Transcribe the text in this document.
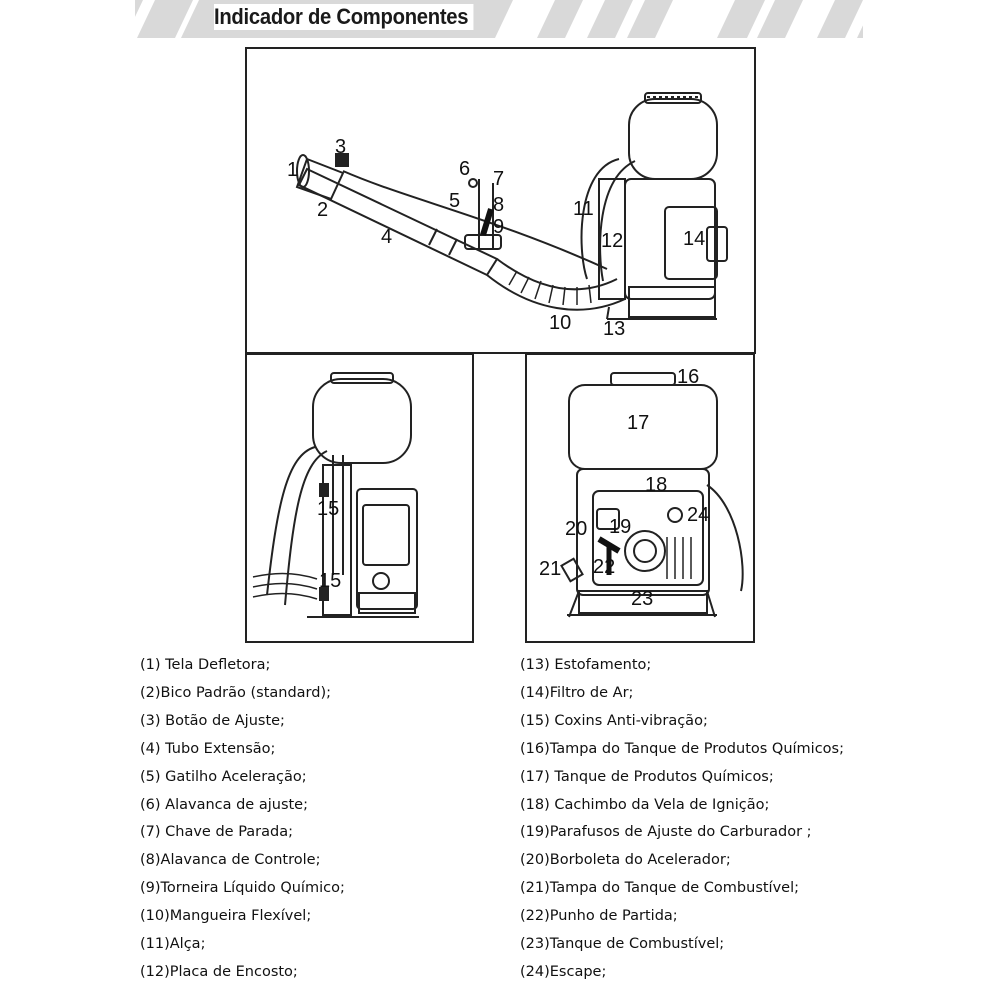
Indicador de Componentes
1
2
3
4
5
6 7
8
9
10
11
12
13
14
15
15
16
17
18
19
20
21 22
23
24
(1) Tela Defletora;
(2)Bico Padrão (standard);
(3) Botão de Ajuste;
(4) Tubo Extensão;
(5) Gatilho Aceleração;
(6) Alavanca de ajuste;
(7) Chave de Parada;
(8)Alavanca de Controle;
(9)Torneira Líquido Químico;
(10)Mangueira Flexível;
(11)Alça;
(12)Placa de Encosto;
(13) Estofamento;
(14)Filtro de Ar;
(15) Coxins Anti-vibração;
(16)Tampa do Tanque de Produtos Químicos;
(17) Tanque de Produtos Químicos;
(18) Cachimbo da Vela de Ignição;
(19)Parafusos de Ajuste do Carburador ;
(20)Borboleta do Acelerador;
(21)Tampa do Tanque de Combustível;
(22)Punho de Partida;
(23)Tanque de Combustível;
(24)Escape;
